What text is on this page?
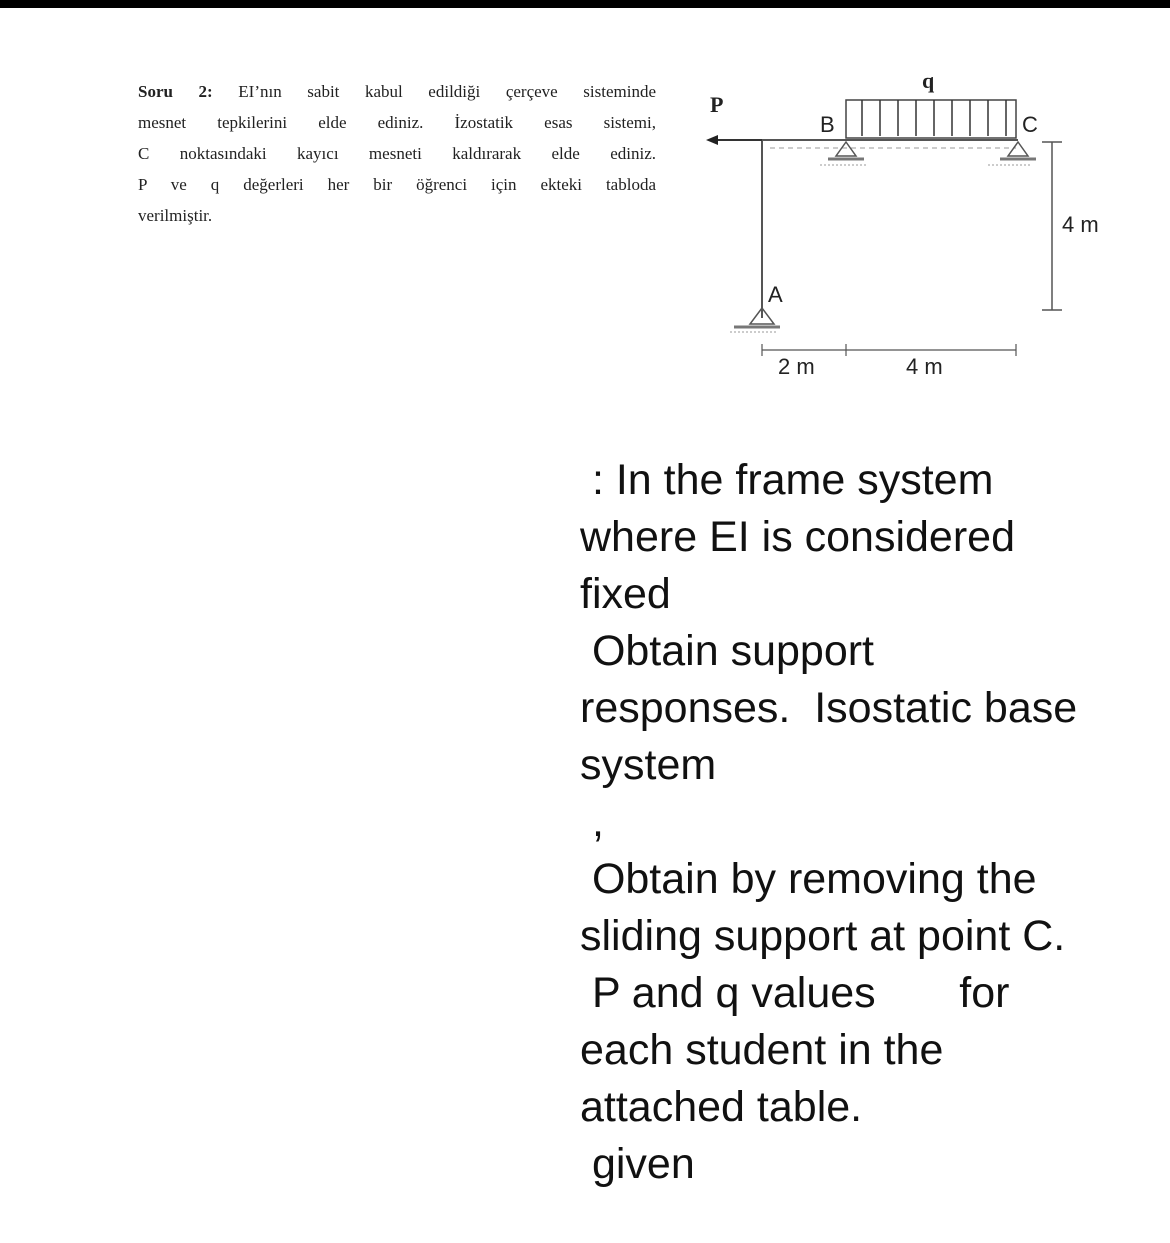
Soru 2: EI’nın sabit kabul edildiği çerçeve sisteminde
mesnet tepkilerini elde ediniz. İzostatik esas sistemi,
C noktasındaki kayıcı mesneti kaldırarak elde ediniz.
P ve q değerleri her bir öğrenci için ekteki tabloda
verilmiştir.
P
q
B	C
A
4 m
2 m	4 m
: In the frame system
where EI is considered
fixed
Obtain support
responses.  Isostatic base
system
,
Obtain by removing the
sliding support at point C.
P and q values       for
each student in the
attached table.
given
